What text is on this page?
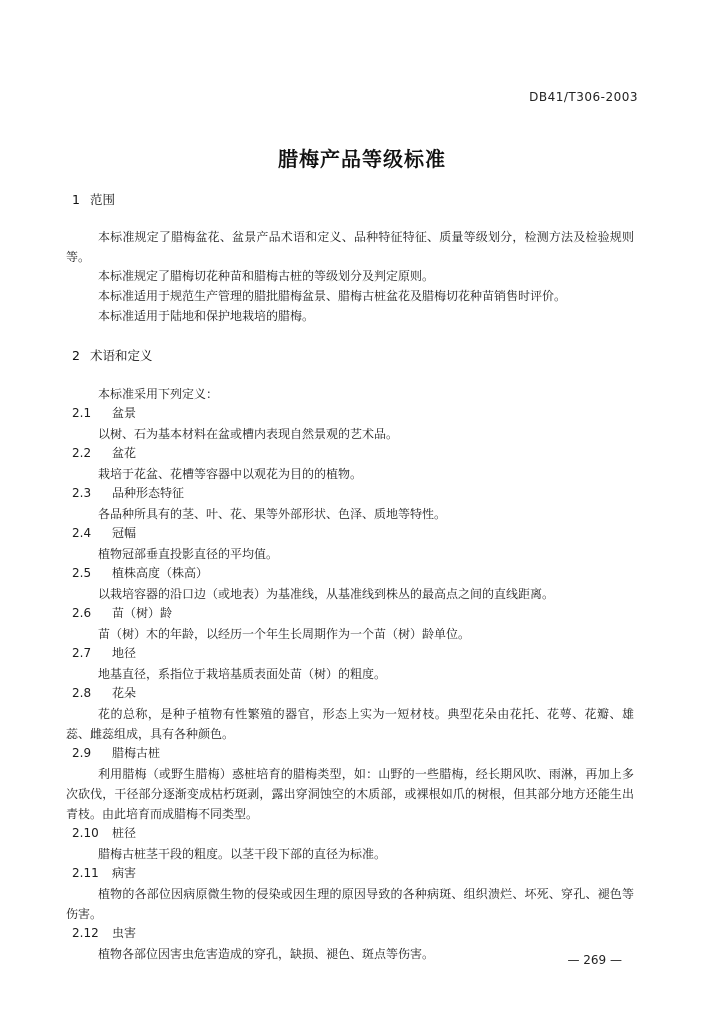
DB41/T306-2003
腊梅产品等级标准
1 范围
本标准规定了腊梅盆花、盆景产品术语和定义、品种特征特征、质量等级划分，检测方法及检验规则等。
本标准规定了腊梅切花种苗和腊梅古桩的等级划分及判定原则。
本标准适用于规范生产管理的腊批腊梅盆景、腊梅古桩盆花及腊梅切花种苗销售时评价。
本标准适用于陆地和保护地栽培的腊梅。
2 术语和定义
本标准采用下列定义：
2.1 盆景
以树、石为基本材料在盆或槽内表现自然景观的艺术品。
2.2 盆花
栽培于花盆、花槽等容器中以观花为目的的植物。
2.3 品种形态特征
各品种所具有的茎、叶、花、果等外部形状、色泽、质地等特性。
2.4 冠幅
植物冠部垂直投影直径的平均值。
2.5 植株高度（株高）
以栽培容器的沿口边（或地表）为基准线，从基准线到株丛的最高点之间的直线距离。
2.6 苗（树）龄
苗（树）木的年龄，以经历一个年生长周期作为一个苗（树）龄单位。
2.7 地径
地基直径，系指位于栽培基质表面处苗（树）的粗度。
2.8 花朵
花的总称，是种子植物有性繁殖的器官，形态上实为一短材枝。典型花朵由花托、花萼、花瓣、雄蕊、雌蕊组成，具有各种颜色。
2.9 腊梅古桩
利用腊梅（或野生腊梅）惑桩培育的腊梅类型，如：山野的一些腊梅，经长期风吹、雨淋，再加上多次砍伐，干径部分逐渐变成枯朽斑剥，露出穿洞蚀空的木质部，或裸根如爪的树根，但其部分地方还能生出青枝。由此培育而成腊梅不同类型。
2.10 桩径
腊梅古桩茎干段的粗度。以茎干段下部的直径为标准。
2.11 病害
植物的各部位因病原微生物的侵染或因生理的原因导致的各种病斑、组织溃烂、坏死、穿孔、褪色等伤害。
2.12 虫害
植物各部位因害虫危害造成的穿孔，缺损、褪色、斑点等伤害。	— 269 —
